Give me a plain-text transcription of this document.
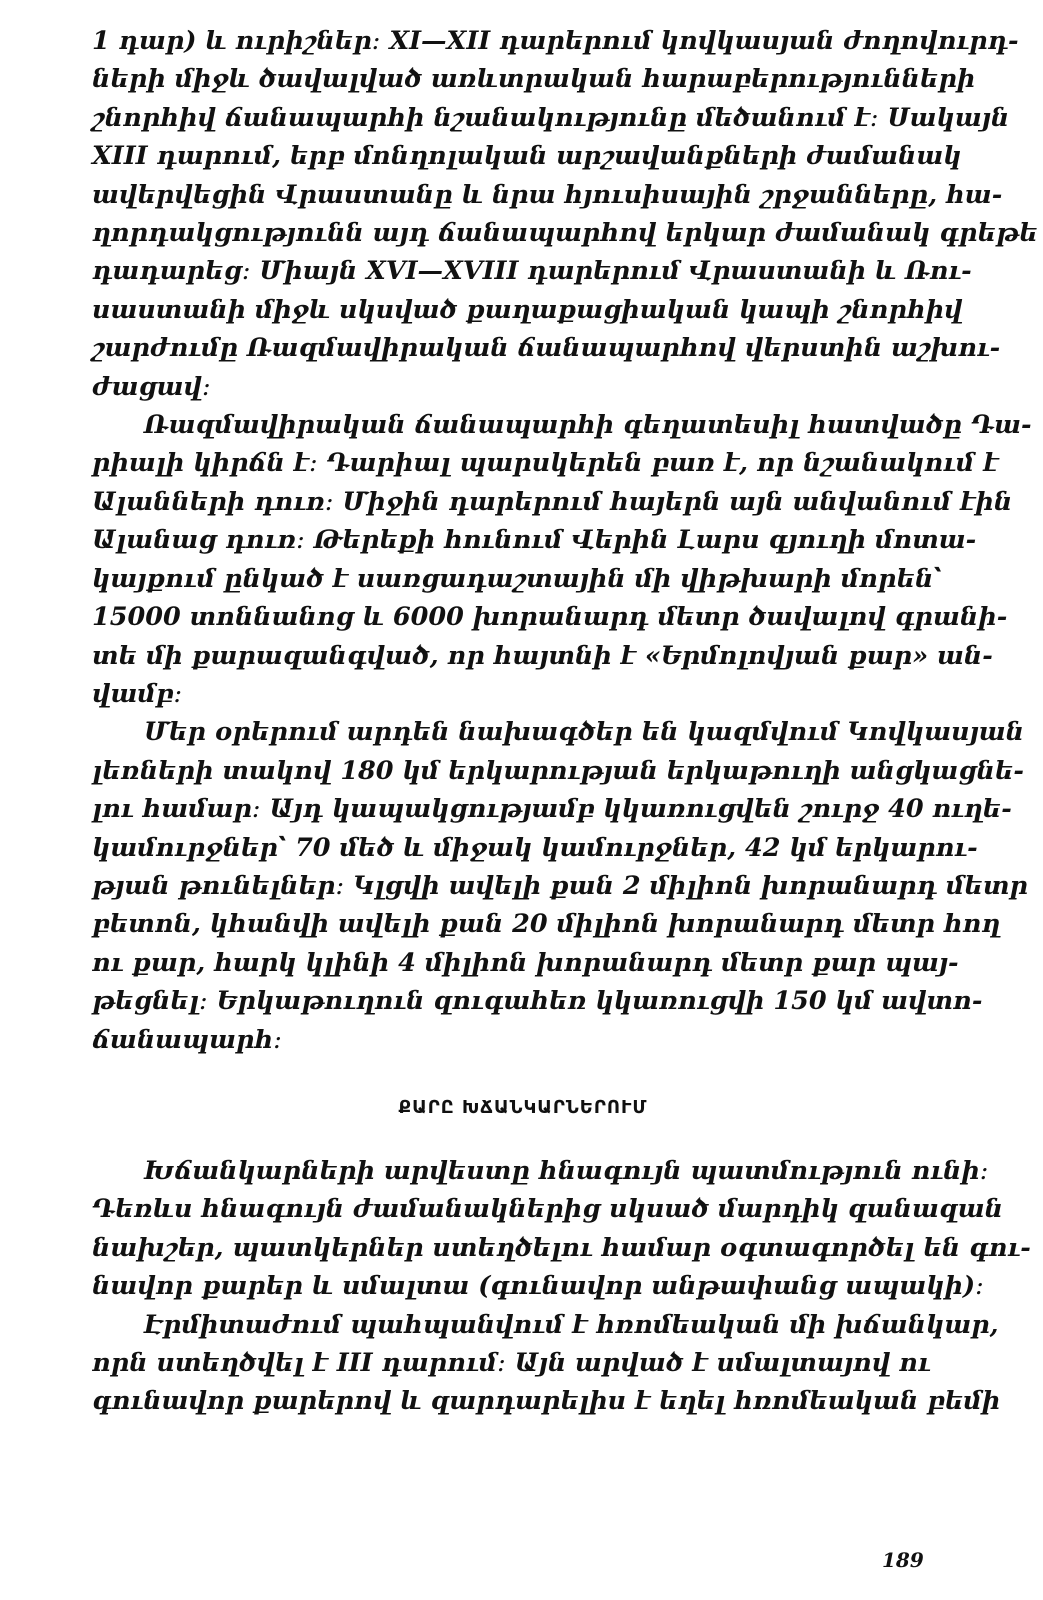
1 դար) և ուրիշներ։ XI—XII դարերում կովկասյան ժողովուրդ-
ների միջև ծավալված առևտրական հարաբերությունների
շնորհիվ ճանապարհի նշանակությունը մեծանում է։ Սակայն
XIII դարում, երբ մոնղոլական արշավանքների ժամանակ
ավերվեցին Վրաստանը և նրա հյուսիսային շրջանները, հա-
ղորդակցությունն այդ ճանապարհով երկար ժամանակ գրեթե
դադարեց։ Միայն XVI—XVIII դարերում Վրաստանի և Ռու-
սաստանի միջև սկսված քաղաքացիական կապի շնորհիվ
շարժումը Ռազմավիրական ճանապարհով վերստին աշխու-
ժացավ։

Ռազմավիրական ճանապարհի գեղատեսիլ հատվածը Դա-
րիալի կիրճն է։ Դարիալ պարսկերեն բառ է, որ նշանակում է
Ալանների դուռ։ Միջին դարերում հայերն այն անվանում էին
Ալանաց դուռ։ Թերեքի հունում Վերին Լարս գյուղի մոտա-
կայքում ընկած է սառցադաշտային մի վիթխարի մորեն՝
15000 տոննանոց և 6000 խորանարդ մետր ծավալով գրանի-
տե մի քարազանգված, որ հայտնի է «Երմոլովյան քար» ան-
վամբ։

Մեր օրերում արդեն նախագծեր են կազմվում Կովկասյան
լեռների տակով 180 կմ երկարության երկաթուղի անցկացնե-
լու համար։ Այդ կապակցությամբ կկառուցվեն շուրջ 40 ուղե-
կամուրջներ՝ 70 մեծ և միջակ կամուրջներ, 42 կմ երկարու-
թյան թունելներ։ Կլցվի ավելի քան 2 միլիոն խորանարդ մետր
բետոն, կհանվի ավելի քան 20 միլիոն խորանարդ մետր հող
ու քար, հարկ կլինի 4 միլիոն խորանարդ մետր քար պայ-
թեցնել։ Երկաթուղուն զուգահեռ կկառուցվի 150 կմ ավտո-
ճանապարհ։

ՔԱՐԸ ԽՃԱՆԿԱՐՆԵՐՈՒՄ

Խճանկարների արվեստը հնագույն պատմություն ունի։
Դեռևս հնագույն ժամանակներից սկսած մարդիկ զանազան
նախշեր, պատկերներ ստեղծելու համար օգտագործել են գու-
նավոր քարեր և սմալտա (գունավոր անթափանց ապակի)։

Էրմիտաժում պահպանվում է հռոմեական մի խճանկար,
որն ստեղծվել է III դարում։ Այն արված է սմալտայով ու
գունավոր քարերով և զարդարելիս է եղել հռոմեական բեմի

189
